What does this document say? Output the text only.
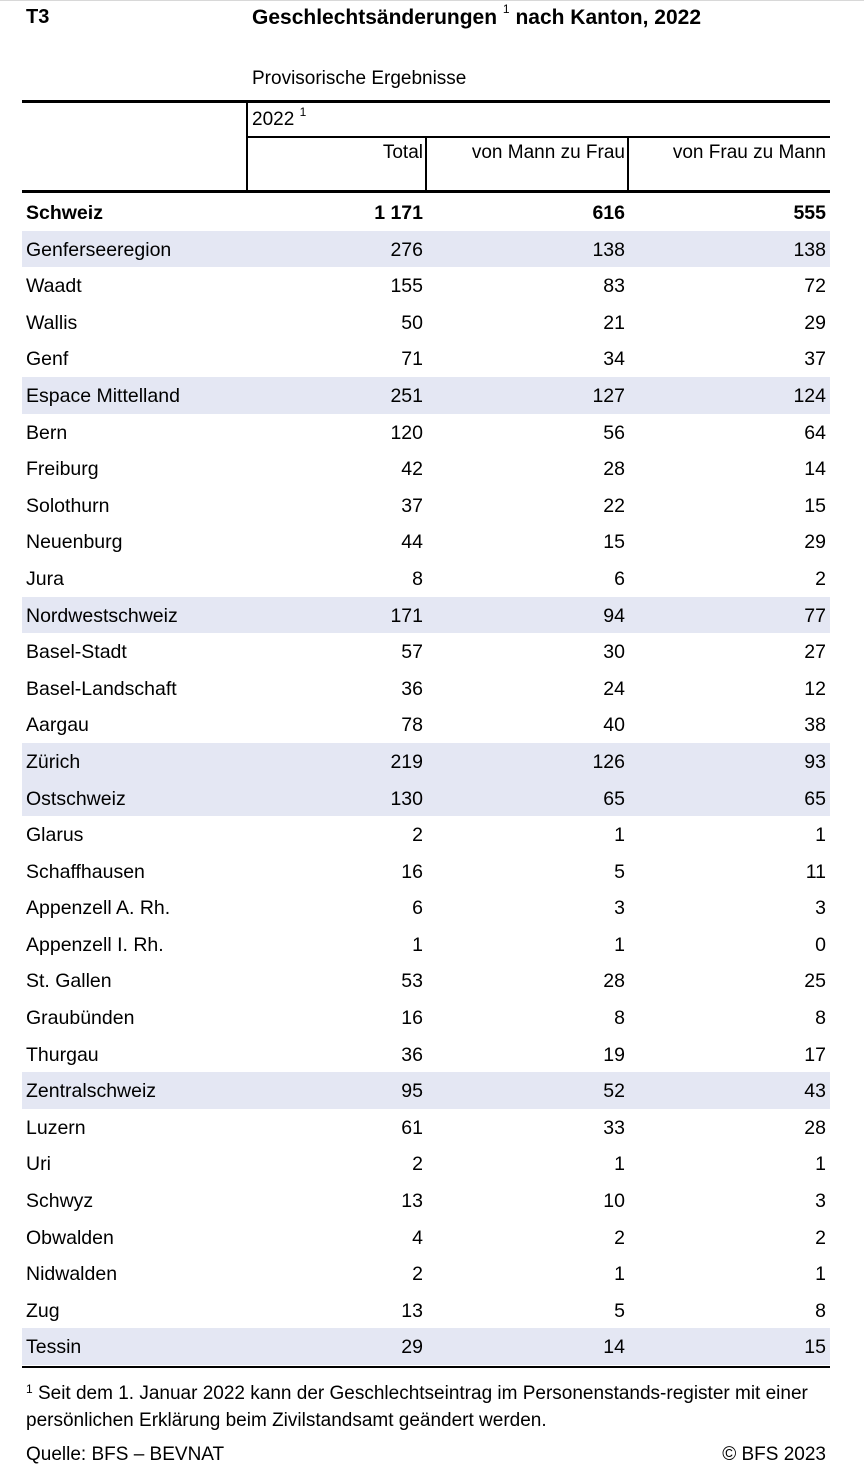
T3	Geschlechtsänderungen $^1$ nach Kanton, 2022
Provisorische Ergebnisse
2022 $^1$
Total	von Mann zu Frau	von Frau zu Mann
Schweiz	1 171	616	555
Genferseeregion	276	138	138
Waadt	155	83	72
Wallis	50	21	29
Genf	71	34	37
Espace Mittelland	251	127	124
Bern	120	56	64
Freiburg	42	28	14
Solothurn	37	22	15
Neuenburg	44	15	29
Jura	8	6	2
Nordwestschweiz	171	94	77
Basel-Stadt	57	30	27
Basel-Landschaft	36	24	12
Aargau	78	40	38
Zürich	219	126	93
Ostschweiz	130	65	65
Glarus	2	1	1
Schaffhausen	16	5	11
Appenzell A. Rh.	6	3	3
Appenzell I. Rh.	1	1	0
St. Gallen	53	28	25
Graubünden	16	8	8
Thurgau	36	19	17
Zentralschweiz	95	52	43
Luzern	61	33	28
Uri	2	1	1
Schwyz	13	10	3
Obwalden	4	2	2
Nidwalden	2	1	1
Zug	13	5	8
Tessin	29	14	15
$^1$ Seit dem 1. Januar 2022 kann der Geschlechtseintrag im Personenstands-register mit einer persönlichen Erklärung beim Zivilstandsamt geändert werden.
Quelle: BFS – BEVNAT	© BFS 2023
